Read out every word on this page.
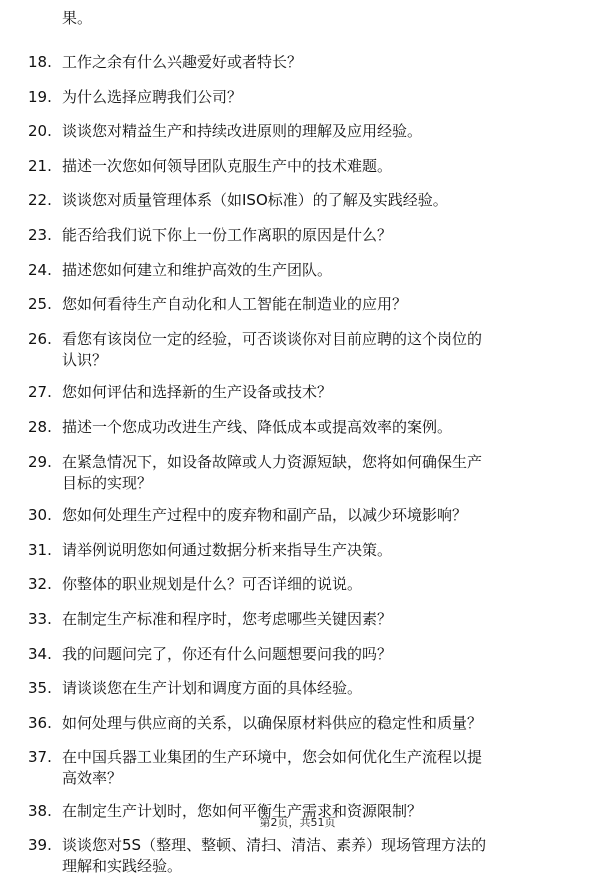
果。
18. 工作之余有什么兴趣爱好或者特长？
19. 为什么选择应聘我们公司？
20. 谈谈您对精益生产和持续改进原则的理解及应用经验。
21. 描述一次您如何领导团队克服生产中的技术难题。
22. 谈谈您对质量管理体系（如ISO标准）的了解及实践经验。
23. 能否给我们说下你上一份工作离职的原因是什么？
24. 描述您如何建立和维护高效的生产团队。
25. 您如何看待生产自动化和人工智能在制造业的应用？
26. 看您有该岗位一定的经验，可否谈谈你对目前应聘的这个岗位的
认识？
27. 您如何评估和选择新的生产设备或技术？
28. 描述一个您成功改进生产线、降低成本或提高效率的案例。
29. 在紧急情况下，如设备故障或人力资源短缺，您将如何确保生产
目标的实现？
30. 您如何处理生产过程中的废弃物和副产品，以减少环境影响？
31. 请举例说明您如何通过数据分析来指导生产决策。
32. 你整体的职业规划是什么？可否详细的说说。
33. 在制定生产标准和程序时，您考虑哪些关键因素？
34. 我的问题问完了，你还有什么问题想要问我的吗？
35. 请谈谈您在生产计划和调度方面的具体经验。
36. 如何处理与供应商的关系，以确保原材料供应的稳定性和质量？
37. 在中国兵器工业集团的生产环境中，您会如何优化生产流程以提
高效率？
38. 在制定生产计划时，您如何平衡生产需求和资源限制？
39. 谈谈您对5S（整理、整顿、清扫、清洁、素养）现场管理方法的
理解和实践经验。
第2页，共51页
